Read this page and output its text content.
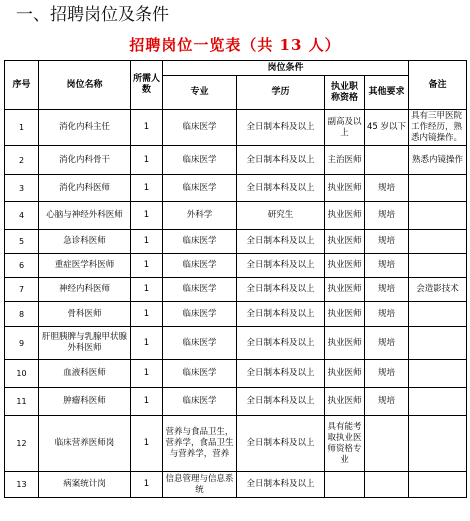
一、招聘岗位及条件
招聘岗位一览表（共 13 人）
序号	岗位名称	所需人数	岗位条件				备注
			专业	学历	执业职称资格	其他要求	
1	消化内科主任	1	临床医学	全日制本科及以上	副高及以上	45 岁以下	具有三甲医院工作经历，熟悉内镜操作。
2	消化内科骨干	1	临床医学	全日制本科及以上	主治医师		熟悉内镜操作
3	消化内科医师	1	临床医学	全日制本科及以上	执业医师	规培	
4	心脑与神经外科医师	1	外科学	研究生	执业医师	规培	
5	急诊科医师	1	临床医学	全日制本科及以上	执业医师	规培	
6	重症医学科医师	1	临床医学	全日制本科及以上	执业医师	规培	
7	神经内科医师	1	临床医学	全日制本科及以上	执业医师	规培	会造影技术
8	骨科医师	1	临床医学	全日制本科及以上	执业医师	规培	
9	肝胆胰脾与乳腺甲状腺外科医师	1	临床医学	全日制本科及以上	执业医师	规培	
10	血液科医师	1	临床医学	全日制本科及以上	执业医师	规培	
11	肿瘤科医师	1	临床医学	全日制本科及以上	执业医师	规培	
12	临床营养医师岗	1	营养与食品卫生，营养学，食品卫生与营养学，营养	全日制本科及以上	具有能考取执业医师资格专业		
13	病案统计岗	1	信息管理与信息系统	全日制本科及以上			
